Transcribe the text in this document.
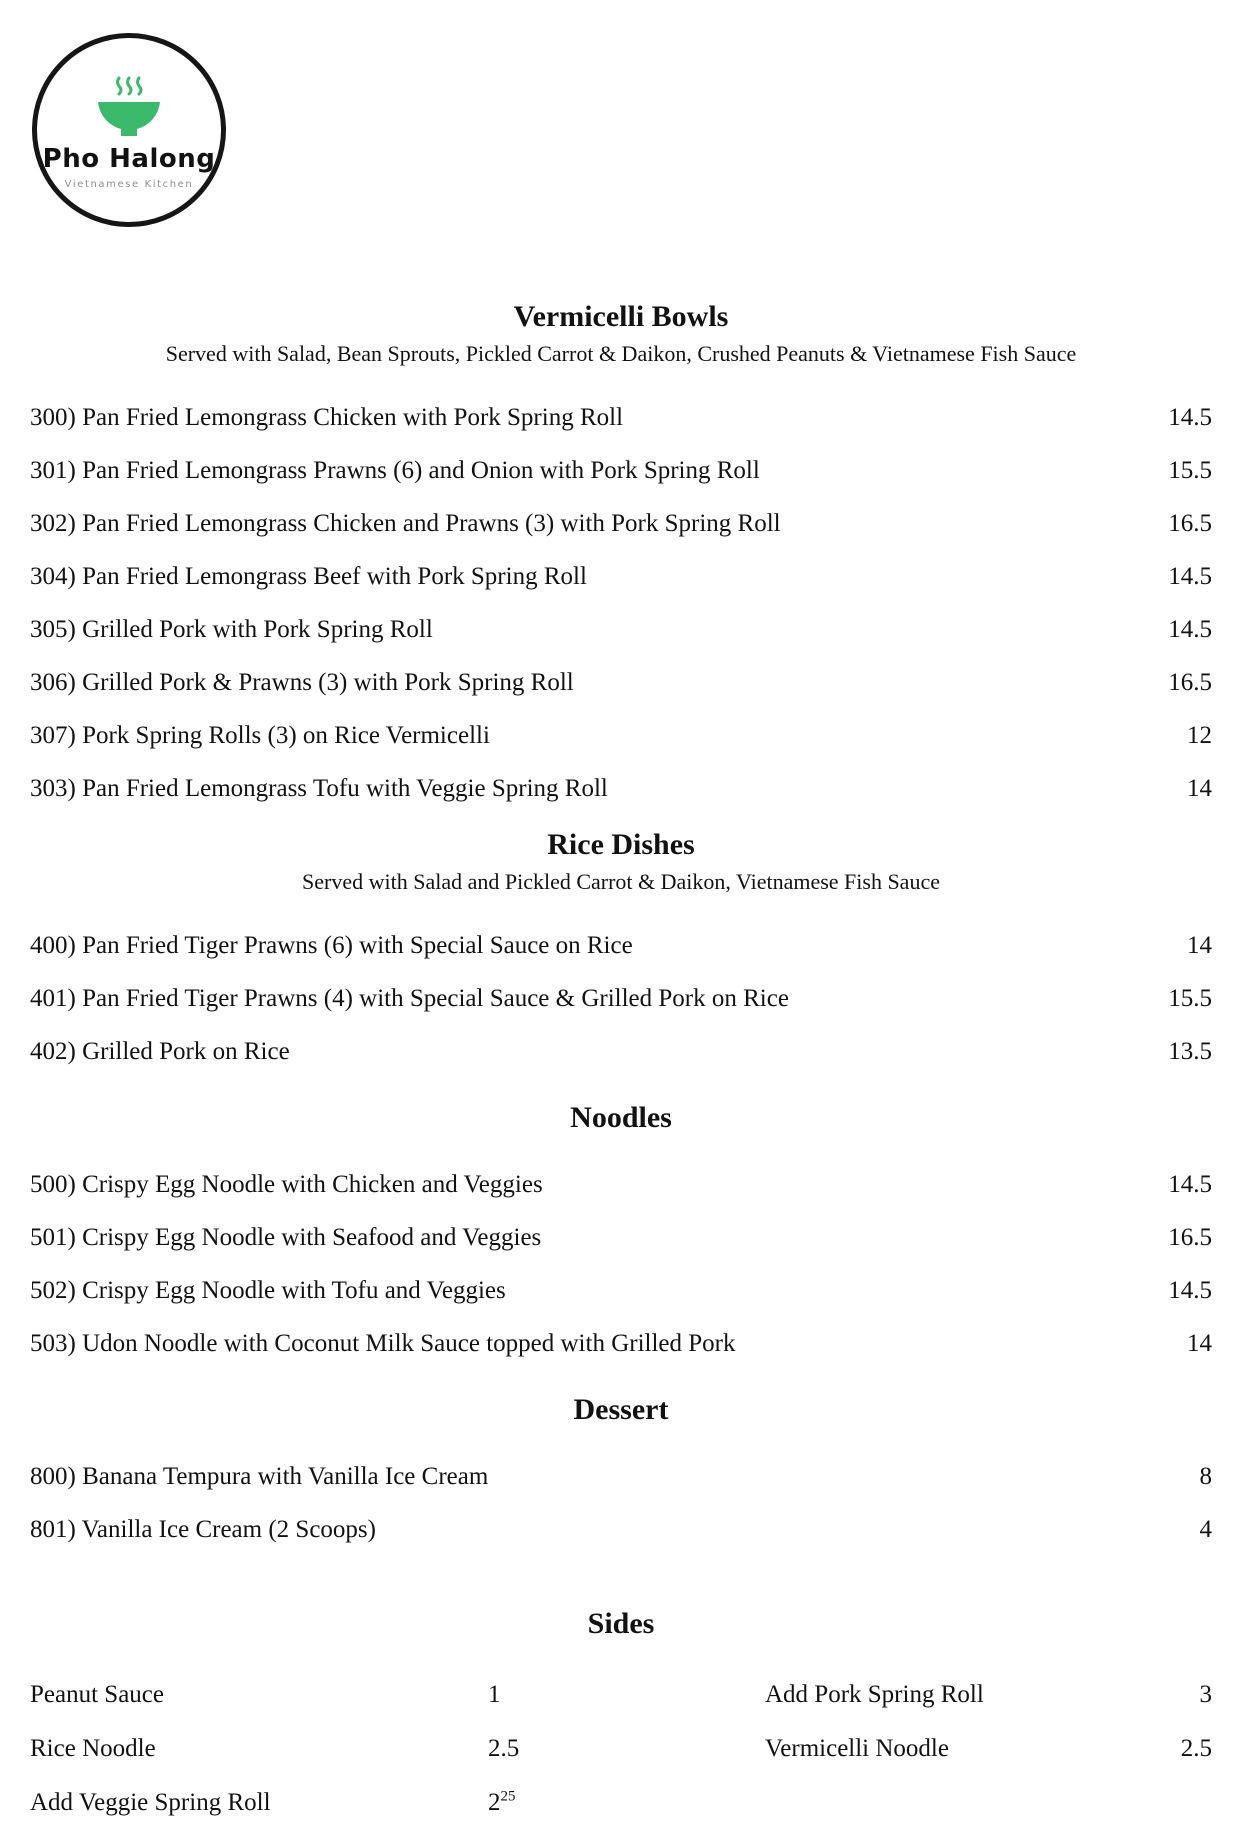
Pho Halong
Vietnamese Kitchen
Vermicelli Bowls
Served with Salad, Bean Sprouts, Pickled Carrot & Daikon, Crushed Peanuts & Vietnamese Fish Sauce
300) Pan Fried Lemongrass Chicken with Pork Spring Roll	14.5
301) Pan Fried Lemongrass Prawns (6) and Onion with Pork Spring Roll	15.5
302) Pan Fried Lemongrass Chicken and Prawns (3) with Pork Spring Roll	16.5
304) Pan Fried Lemongrass Beef with Pork Spring Roll	14.5
305) Grilled Pork with Pork Spring Roll	14.5
306) Grilled Pork & Prawns (3) with Pork Spring Roll	16.5
307) Pork Spring Rolls (3) on Rice Vermicelli	12
303) Pan Fried Lemongrass Tofu with Veggie Spring Roll	14
Rice Dishes
Served with Salad and Pickled Carrot & Daikon, Vietnamese Fish Sauce
400) Pan Fried Tiger Prawns (6) with Special Sauce on Rice	14
401) Pan Fried Tiger Prawns (4) with Special Sauce & Grilled Pork on Rice	15.5
402) Grilled Pork on Rice	13.5
Noodles
500) Crispy Egg Noodle with Chicken and Veggies	14.5
501) Crispy Egg Noodle with Seafood and Veggies	16.5
502) Crispy Egg Noodle with Tofu and Veggies	14.5
503) Udon Noodle with Coconut Milk Sauce topped with Grilled Pork	14
Dessert
800) Banana Tempura with Vanilla Ice Cream	8
801) Vanilla Ice Cream (2 Scoops)	4
Sides
Peanut Sauce	1
Rice Noodle	2.5
Add Veggie Spring Roll	$2^{25}$
Add Pork Spring Roll	3
Vermicelli Noodle	2.5
